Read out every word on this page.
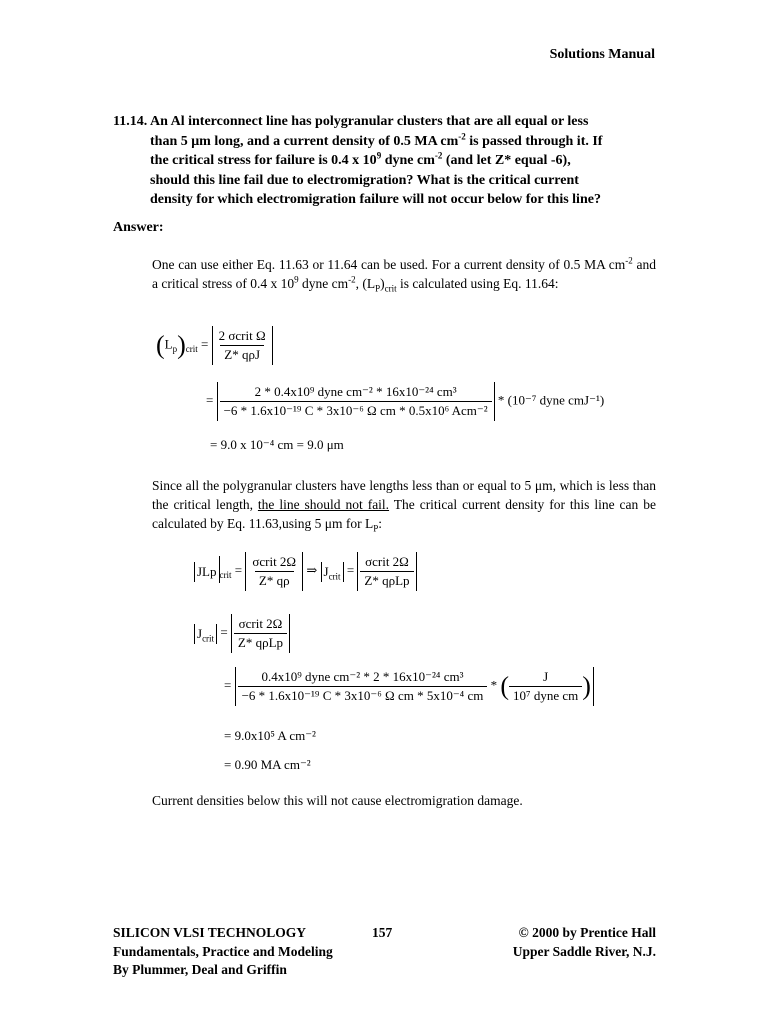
Solutions Manual
11.14. An Al interconnect line has polygranular clusters that are all equal or less
than 5 μm long, and a current density of 0.5 MA $cm^{-2}$ is passed through it. If
the critical stress for failure is 0.4 x $10^9$ dyne $cm^{-2}$ (and let Z* equal -6),
should this line fail due to electromigration? What is the critical current
density for which electromigration failure will not occur below for this line?
Answer:
One can use either Eq. 11.63 or 11.64 can be used. For a current density of 0.5 MA $cm^{-2}$ and a critical stress of 0.4 x $10^9$ dyne $cm^{-2}$, $(L_P)_{crit}$ is calculated using Eq. 11.64:
$(L_p)_{crit} = \frac{\text{2 σcrit Ω}}{\text{Z* qρJ}}$
= $\frac{\text{2 * 0.4x10⁹ dyne cm⁻² * 16x10⁻²⁴ cm³}}{\text{−6 * 1.6x10⁻¹⁹ C * 3x10⁻⁶ Ω cm * 0.5x10⁶ Acm⁻²}} * (10^{-7}$ dyne cmJ⁻¹)
= 9.0 x 10⁻⁴ cm = 9.0 μm
Since all the polygranular clusters have lengths less than or equal to 5 μm, which is less than the critical length, the line should not fail. The critical current density for this line can be calculated by Eq. 11.63,using 5 μm for $L_P$:
JLp $_{crit} = \frac{\text{σcrit 2Ω}}{Z* q\rho}$ ⇒ $J_{crit} = \frac{\text{σcrit 2Ω}}{\text{Z* qρLp}}$
$J_{crit} = \frac{\text{σcrit 2Ω}}{\text{Z* qρLp}}$
= $\frac{\text{0.4x10⁹ dyne cm⁻² * 2 * 16x10⁻²⁴ cm³}}{\text{−6 * 1.6x10⁻¹⁹ C * 3x10⁻⁶ Ω cm * 5x10⁻⁴ cm}}$ * ( $\frac{J}{\text{10⁷ dyne cm}}$ )
= 9.0x10⁵ A cm⁻²
= 0.90 MA cm⁻²
Current densities below this will not cause electromigration damage.
SILICON VLSI TECHNOLOGY
Fundamentals, Practice and Modeling
By Plummer, Deal and Griffin
157	© 2000 by Prentice Hall
Upper Saddle River, N.J.
